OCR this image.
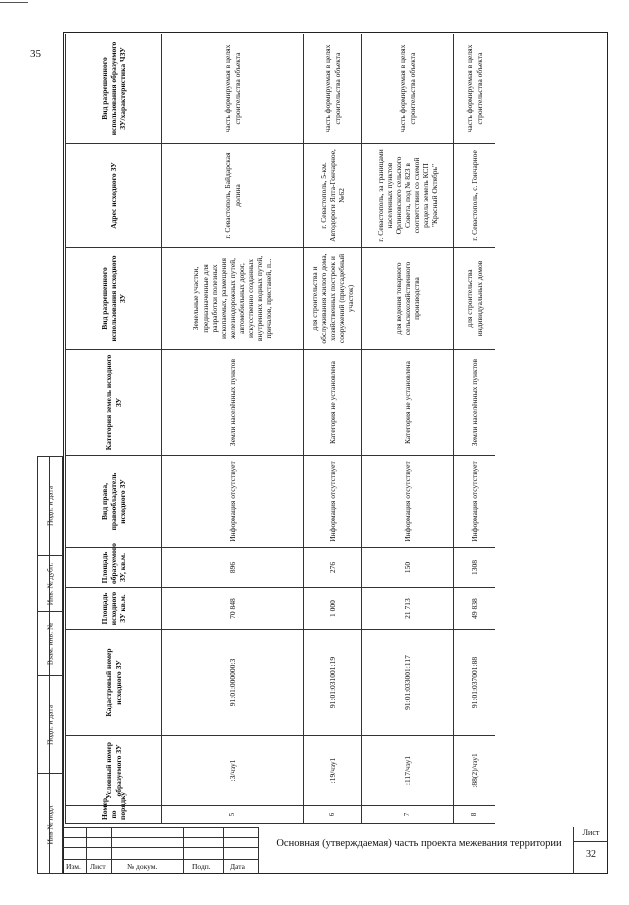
35
Номер по порядку	Условный номер образуемого ЗУ	Кадастровый номер исходного ЗУ	Площадь исходного ЗУ кв.м.	Площадь образуемого ЗУ, кв.м.	Вид права, правообладатель исходного ЗУ	Категория земель исходного ЗУ	Вид разрешенного использования исходного ЗУ	Адрес исходного ЗУ	Вид разрешенного использования образуемого ЗУ/характеристика ЧЗУ
5	:3/чзу1	91:01:000000:3	70 848	896	Информация отсутствует	Земли населённых пунктов	Земельные участки, предназначенные для разработки полезных ископаемых, размещения железнодорожных путей, автомобильных дорог, искусственно созданных внутренних водных путей, причалов, пристаней, п...	г. Севастополь, Байдарская долина	часть формируемая в целях строительства объекта
6	:19/чзу1	91:01:031001:19	1 000	276	Информация отсутствует	Категория не установлена	для строительства и обслуживания жилого дома, хозяйственных построек и сооружений (приусадебный участок)	г. Севастополь, 5-км. Автодороги Ялта-Гончарное, №62	часть формируемая в целях строительства объекта
7	:117/чзу1	91:01:033001:117	21 713	150	Информация отсутствует	Категория не установлена	для ведения товарного сельскохозяйственного производства	г. Севастополь, за границами населенных пунктов Орлиновского сельского Совета, под № 823 в соответствии со схемой раздела земель КСП "Красный Октябрь"	часть формируемая в целях строительства объекта
8	:88(2)/чзу1	91:01:037001:88	49 838	1308	Информация отсутствует	Земли населённых пунктов	для строительства индивидуальных домов	г. Севастополь, с. Гончарное	часть формируемая в целях строительства объекта
Подп. и дата
Инв. № дубл.
Взам. инв. №
Подп. и дата
Инв № подл
Изм. Лист	№ докум.	Подп.	Дата
Основная (утверждаемая) часть проекта межевания территории
Лист
32
